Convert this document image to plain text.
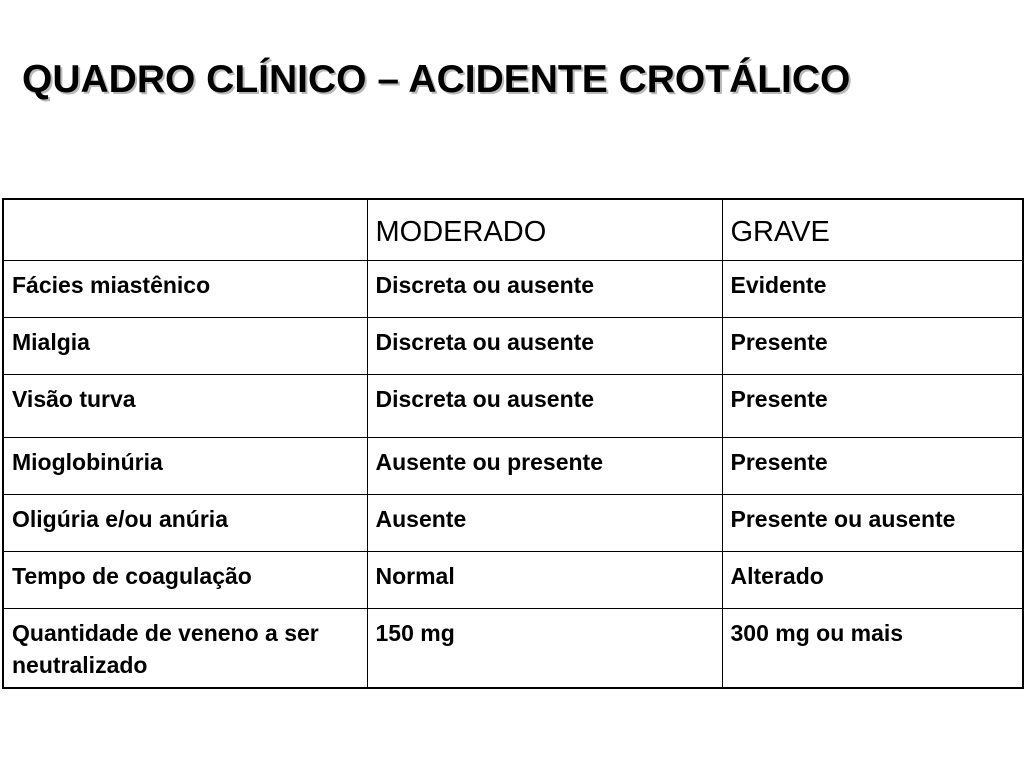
QUADRO CLÍNICO – ACIDENTE CROTÁLICO
	MODERADO	GRAVE
Fácies miastênico	Discreta ou ausente	Evidente
Mialgia	Discreta ou ausente	Presente
Visão turva	Discreta ou ausente	Presente
Mioglobinúria	Ausente ou presente	Presente
Oligúria e/ou anúria	Ausente	Presente ou ausente
Tempo de coagulação	Normal	Alterado
Quantidade de veneno a ser neutralizado	150 mg	300 mg ou mais
